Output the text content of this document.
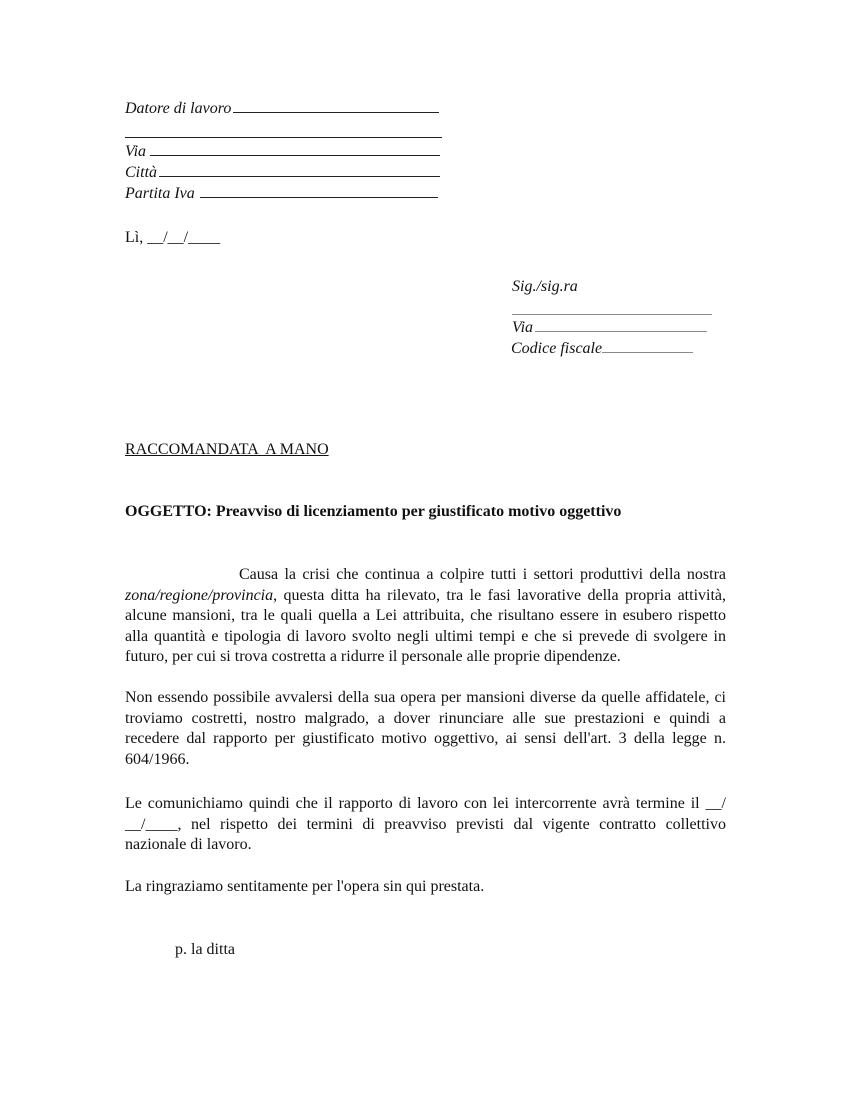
Datore di lavoro
Via
Città
Partita Iva
Lì, __/__/____
Sig./sig.ra
Via
Codice fiscale
RACCOMANDATA  A MANO
OGGETTO: Preavviso di licenziamento per giustificato motivo oggettivo
Causa la crisi che continua a colpire tutti i settori produttivi della nostra zona/regione/provincia, questa ditta ha rilevato, tra le fasi lavorative della propria attività, alcune mansioni, tra le quali quella a Lei attribuita, che risultano essere in esubero rispetto alla quantità e tipologia di lavoro svolto negli ultimi tempi e che si prevede di svolgere in futuro, per cui si trova costretta a ridurre il personale alle proprie dipendenze.
Non essendo possibile avvalersi della sua opera per mansioni diverse da quelle affidatele, ci troviamo costretti, nostro malgrado, a dover rinunciare alle sue prestazioni e quindi a recedere dal rapporto per giustificato motivo oggettivo, ai sensi dell'art. 3 della legge n. 604/1966.
Le comunichiamo quindi che il rapporto di lavoro con lei intercorrente avrà termine il __/ __/____, nel rispetto dei termini di preavviso previsti dal vigente contratto collettivo nazionale di lavoro.
La ringraziamo sentitamente per l'opera sin qui prestata.
p. la ditta
